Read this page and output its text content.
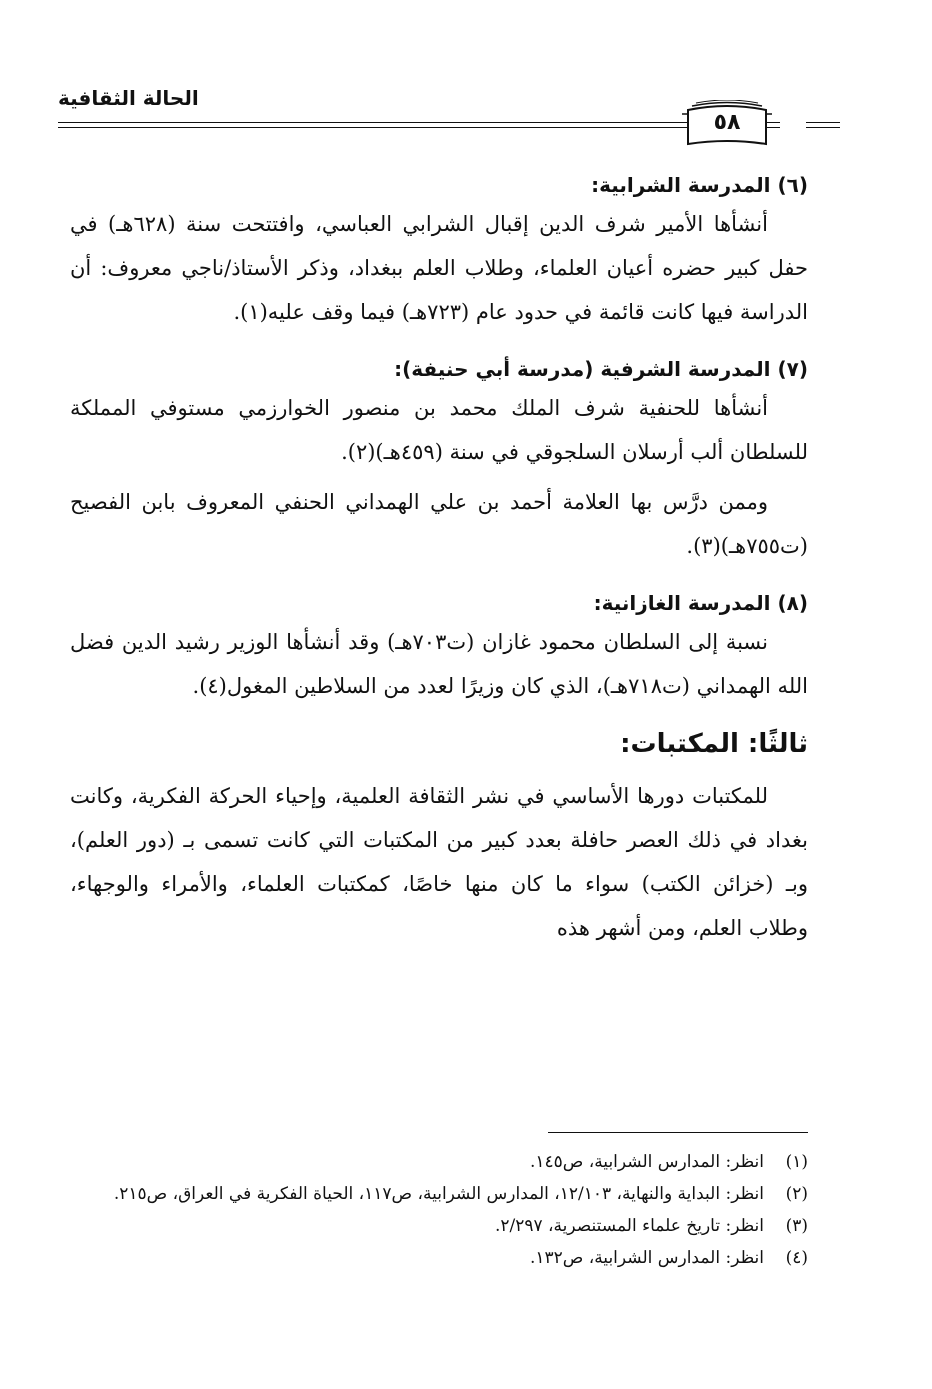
٥٨
الحالة الثقافية
(٦) المدرسة الشرابية:

أنشأها الأمير شرف الدين إقبال الشرابي العباسي، وافتتحت سنة (٦٢٨هـ) في حفل كبير حضره أعيان العلماء، وطلاب العلم ببغداد، وذكر الأستاذ/ناجي معروف: أن الدراسة فيها كانت قائمة في حدود عام (٧٢٣هـ) فيما وقف عليه(١).

(٧) المدرسة الشرفية (مدرسة أبي حنيفة):

أنشأها للحنفية شرف الملك محمد بن منصور الخوارزمي مستوفي المملكة للسلطان ألب أرسلان السلجوقي في سنة (٤٥٩هـ)(٢).

وممن درَّس بها العلامة أحمد بن علي الهمداني الحنفي المعروف بابن الفصيح (ت٧٥٥هـ)(٣).

(٨) المدرسة الغازانية:

نسبة إلى السلطان محمود غازان (ت٧٠٣هـ) وقد أنشأها الوزير رشيد الدين فضل الله الهمداني (ت٧١٨هـ)، الذي كان وزيرًا لعدد من السلاطين المغول(٤).

ثالثًا: المكتبات:

للمكتبات دورها الأساسي في نشر الثقافة العلمية، وإحياء الحركة الفكرية، وكانت بغداد في ذلك العصر حافلة بعدد كبير من المكتبات التي كانت تسمى بـ (دور العلم)، وبـ (خزائن الكتب) سواء ما كان منها خاصًا، كمكتبات العلماء، والأمراء والوجهاء، وطلاب العلم، ومن أشهر هذه

(١)
انظر: المدارس الشرابية، ص١٤٥.
(٢)
انظر: البداية والنهاية، ١٢/١٠٣، المدارس الشرابية، ص١١٧، الحياة الفكرية في العراق، ص٢١٥.
(٣)
انظر: تاريخ علماء المستنصرية، ٢/٢٩٧.
(٤)
انظر: المدارس الشرابية، ص١٣٢.
